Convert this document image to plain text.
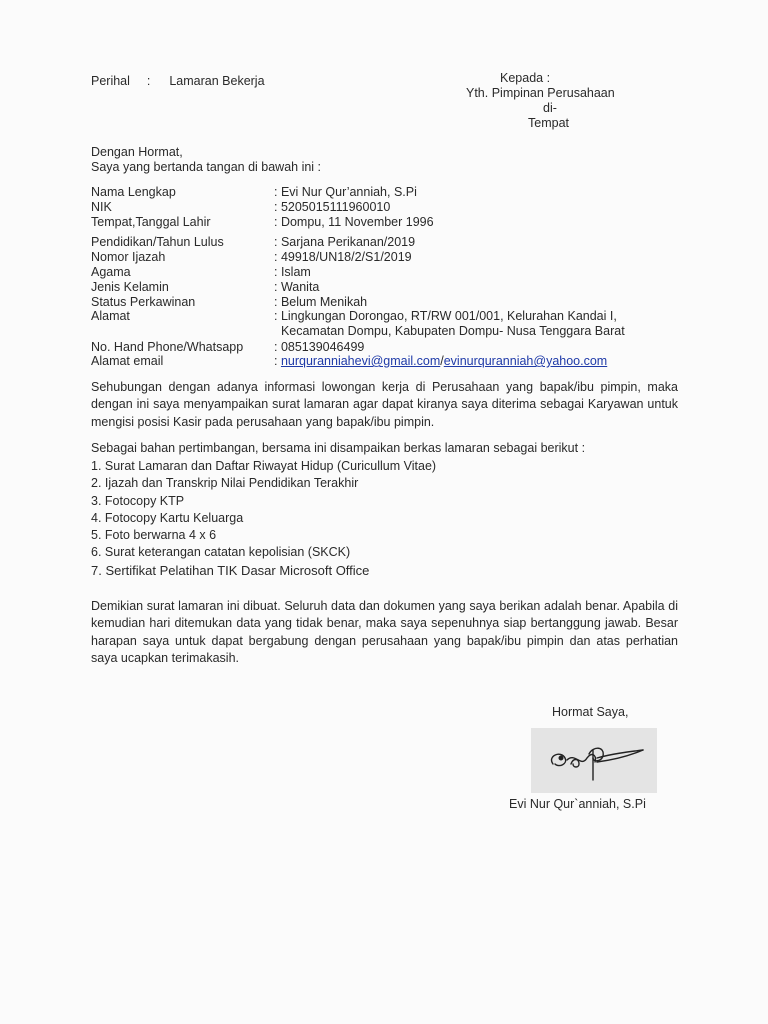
Perihal : Lamaran Bekerja	Kepada :
Yth. Pimpinan Perusahaan
di-
Tempat
Dengan Hormat,
Saya yang bertanda tangan di bawah ini :
Nama Lengkap	: Evi Nur Qur’anniah, S.Pi
NIK	: 5205015111960010
Tempat,Tanggal Lahir	: Dompu, 11 November 1996
Pendidikan/Tahun Lulus	: Sarjana Perikanan/2019
Nomor Ijazah	: 49918/UN18/2/S1/2019
Agama	: Islam
Jenis Kelamin	: Wanita
Status Perkawinan	: Belum Menikah
Alamat	: Lingkungan Dorongao, RT/RW 001/001, Kelurahan Kandai I,
Kecamatan Dompu, Kabupaten Dompu- Nusa Tenggara Barat
No. Hand Phone/Whatsapp : 085139046499
Alamat email	: nurquranniahevi@gmail.com/evinurquranniah@yahoo.com
Sehubungan dengan adanya informasi lowongan kerja di Perusahaan yang bapak/ibu pimpin, maka dengan ini saya menyampaikan surat lamaran agar dapat kiranya saya diterima sebagai Karyawan untuk mengisi posisi Kasir pada perusahaan yang bapak/ibu pimpin.
Sebagai bahan pertimbangan, bersama ini disampaikan berkas lamaran sebagai berikut :
1. Surat Lamaran dan Daftar Riwayat Hidup (Curicullum Vitae)
2. Ijazah dan Transkrip Nilai Pendidikan Terakhir
3. Fotocopy KTP
4. Fotocopy Kartu Keluarga
5. Foto berwarna 4 x 6
6. Surat keterangan catatan kepolisian (SKCK)
7. Sertifikat Pelatihan TIK Dasar Microsoft Office
Demikian surat lamaran ini dibuat. Seluruh data dan dokumen yang saya berikan adalah benar. Apabila di kemudian hari ditemukan data yang tidak benar, maka saya sepenuhnya siap bertanggung jawab. Besar harapan saya untuk dapat bergabung dengan perusahaan yang bapak/ibu pimpin dan atas perhatian saya ucapkan terimakasih.
Hormat Saya,
Evi Nur Qur`anniah, S.Pi
